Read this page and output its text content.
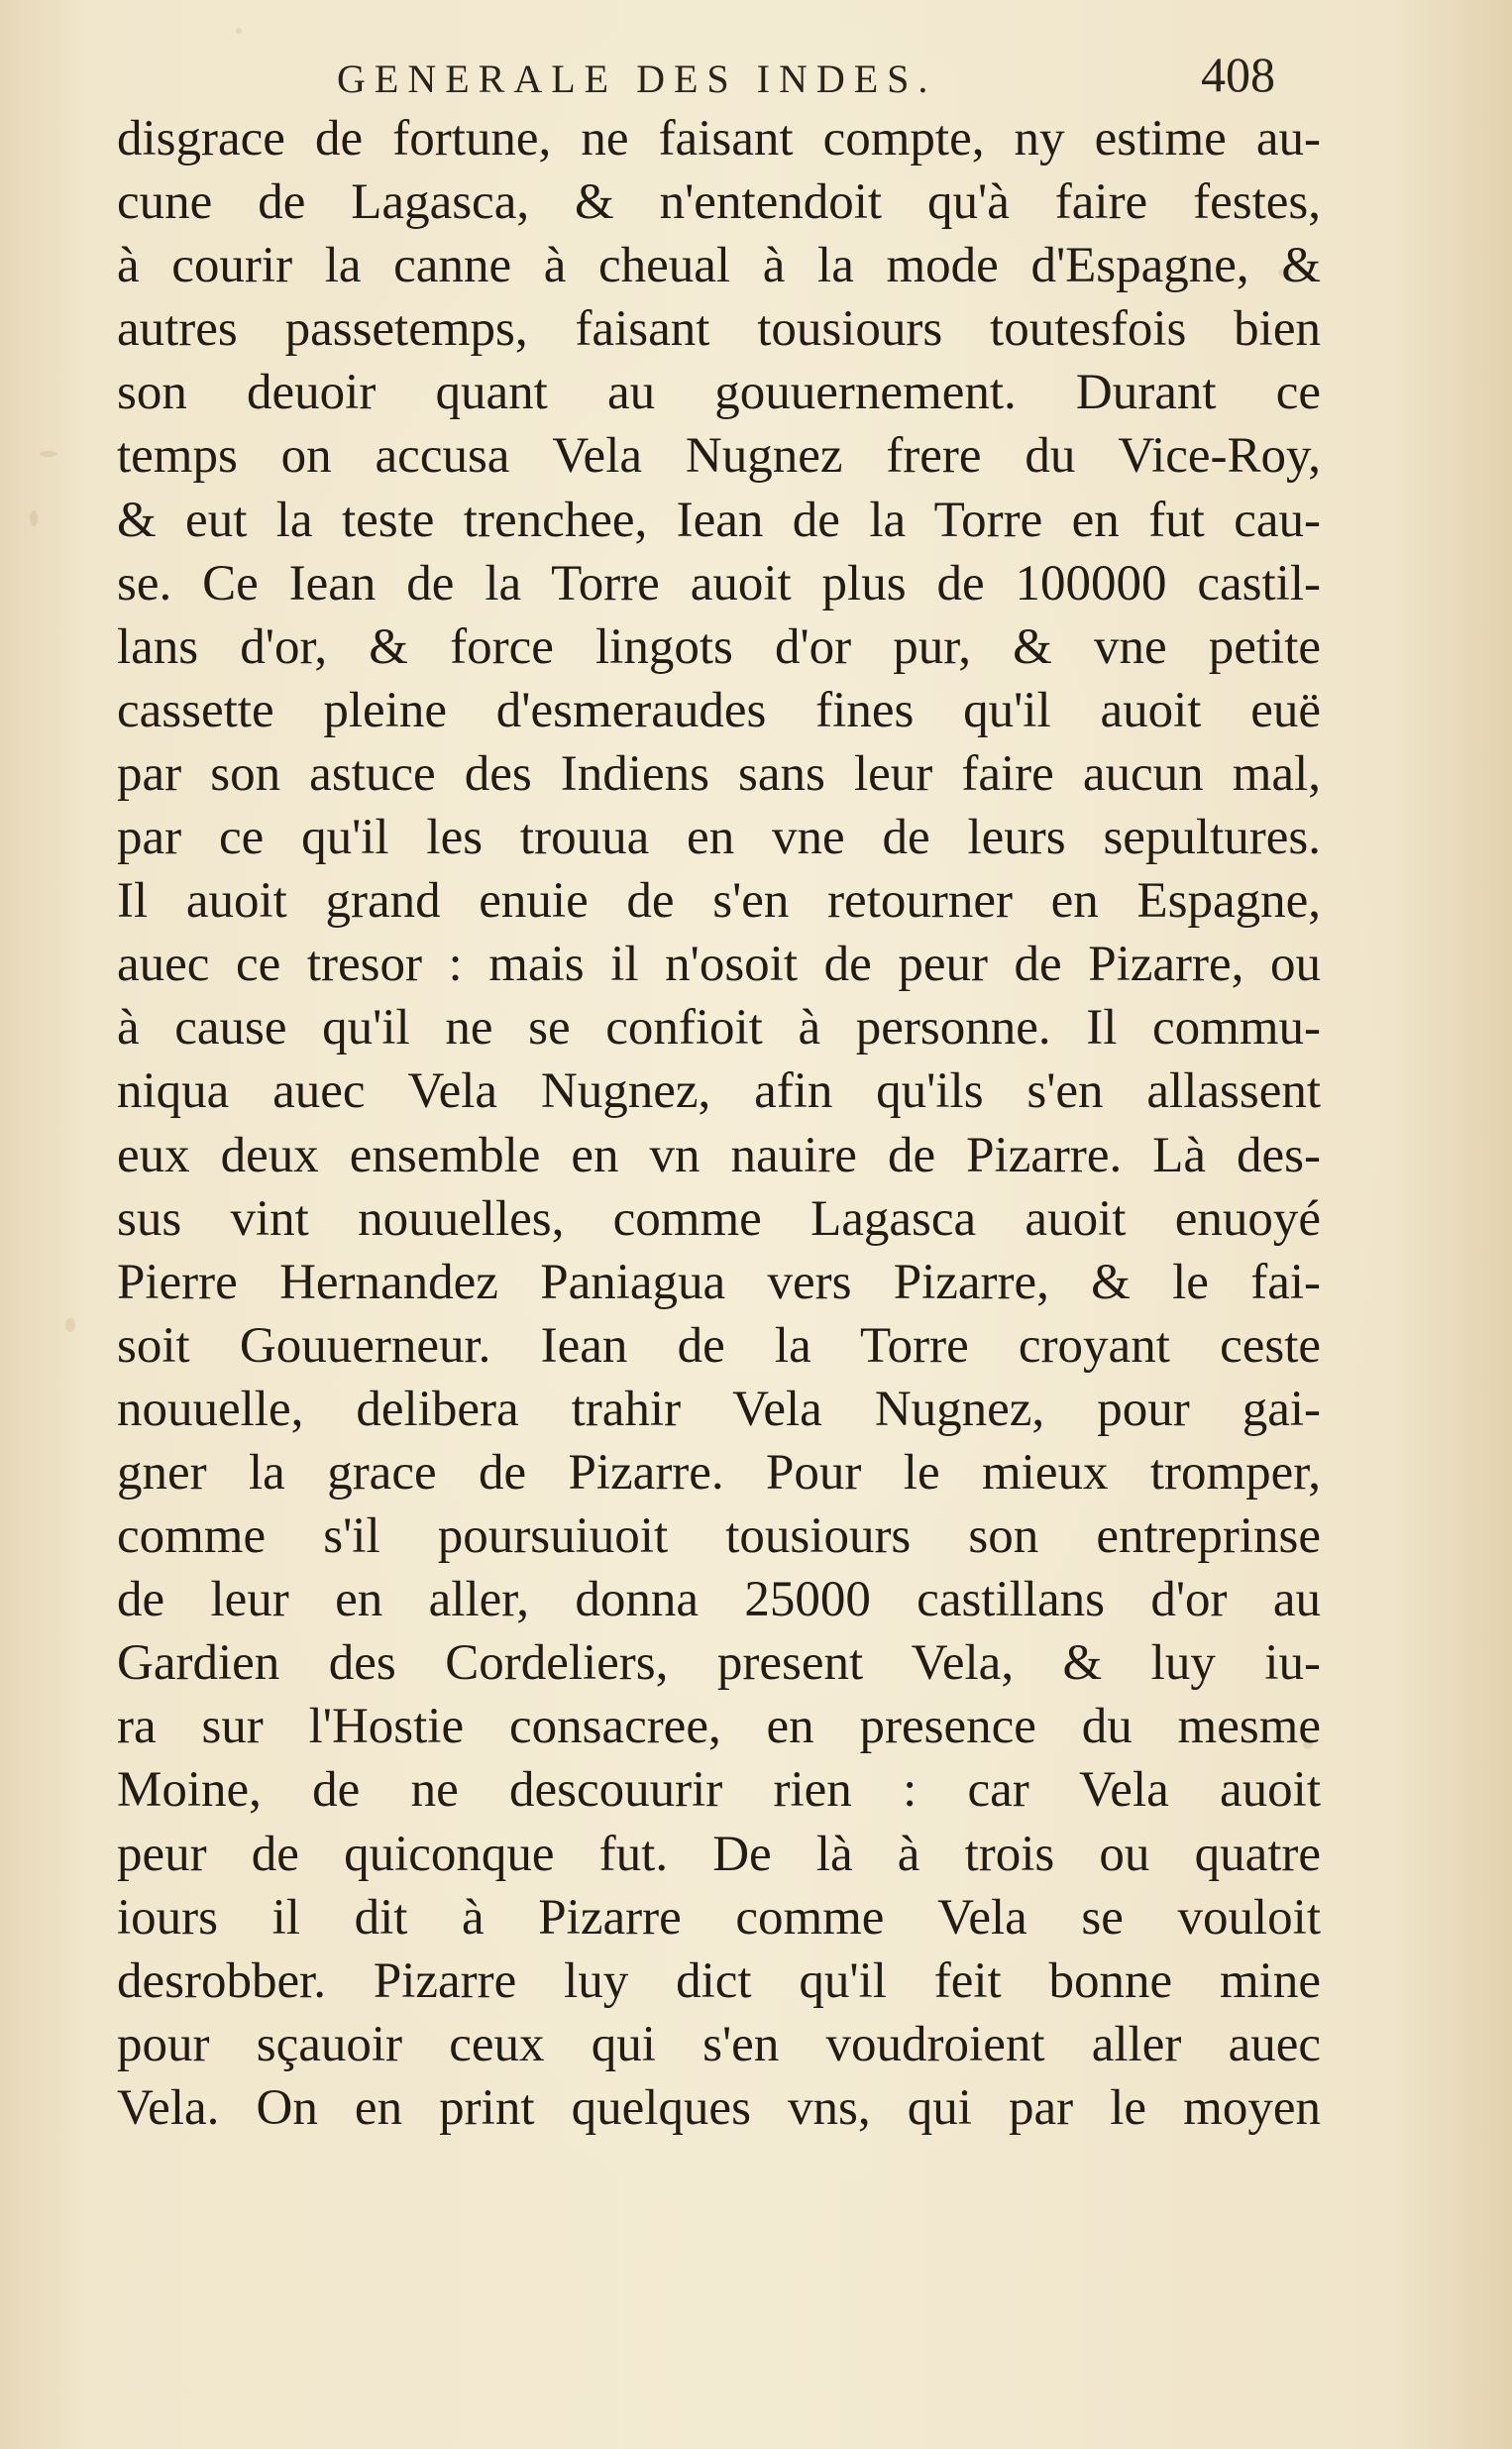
GENERALE DES INDES.	408
disgrace de fortune, ne faisant compte, ny estime au-
cune de Lagasca, & n'entendoit qu'à faire festes,
à courir la canne à cheual à la mode d'Espagne, &
autres passetemps, faisant tousiours toutesfois bien
son deuoir quant au gouuernement. Durant ce
temps on accusa Vela Nugnez frere du Vice-Roy,
& eut la teste trenchee, Iean de la Torre en fut cau-
se. Ce Iean de la Torre auoit plus de 100000 castil-
lans d'or, & force lingots d'or pur, & vne petite
cassette pleine d'esmeraudes fines qu'il auoit euë
par son astuce des Indiens sans leur faire aucun mal,
par ce qu'il les trouua en vne de leurs sepultures.
Il auoit grand enuie de s'en retourner en Espagne,
auec ce tresor : mais il n'osoit de peur de Pizarre, ou
à cause qu'il ne se confioit à personne. Il commu-
niqua auec Vela Nugnez, afin qu'ils s'en allassent
eux deux ensemble en vn nauire de Pizarre. Là des-
sus vint nouuelles, comme Lagasca auoit enuoyé
Pierre Hernandez Paniagua vers Pizarre, & le fai-
soit Gouuerneur. Iean de la Torre croyant ceste
nouuelle, delibera trahir Vela Nugnez, pour gai-
gner la grace de Pizarre. Pour le mieux tromper,
comme s'il poursuiuoit tousiours son entreprinse
de leur en aller, donna 25000 castillans d'or au
Gardien des Cordeliers, present Vela, & luy iu-
ra sur l'Hostie consacree, en presence du mesme
Moine, de ne descouurir rien : car Vela auoit
peur de quiconque fut. De là à trois ou quatre
iours il dit à Pizarre comme Vela se vouloit
desrobber. Pizarre luy dict qu'il feit bonne mine
pour sçauoir ceux qui s'en voudroient aller auec
Vela. On en print quelques vns, qui par le moyen
